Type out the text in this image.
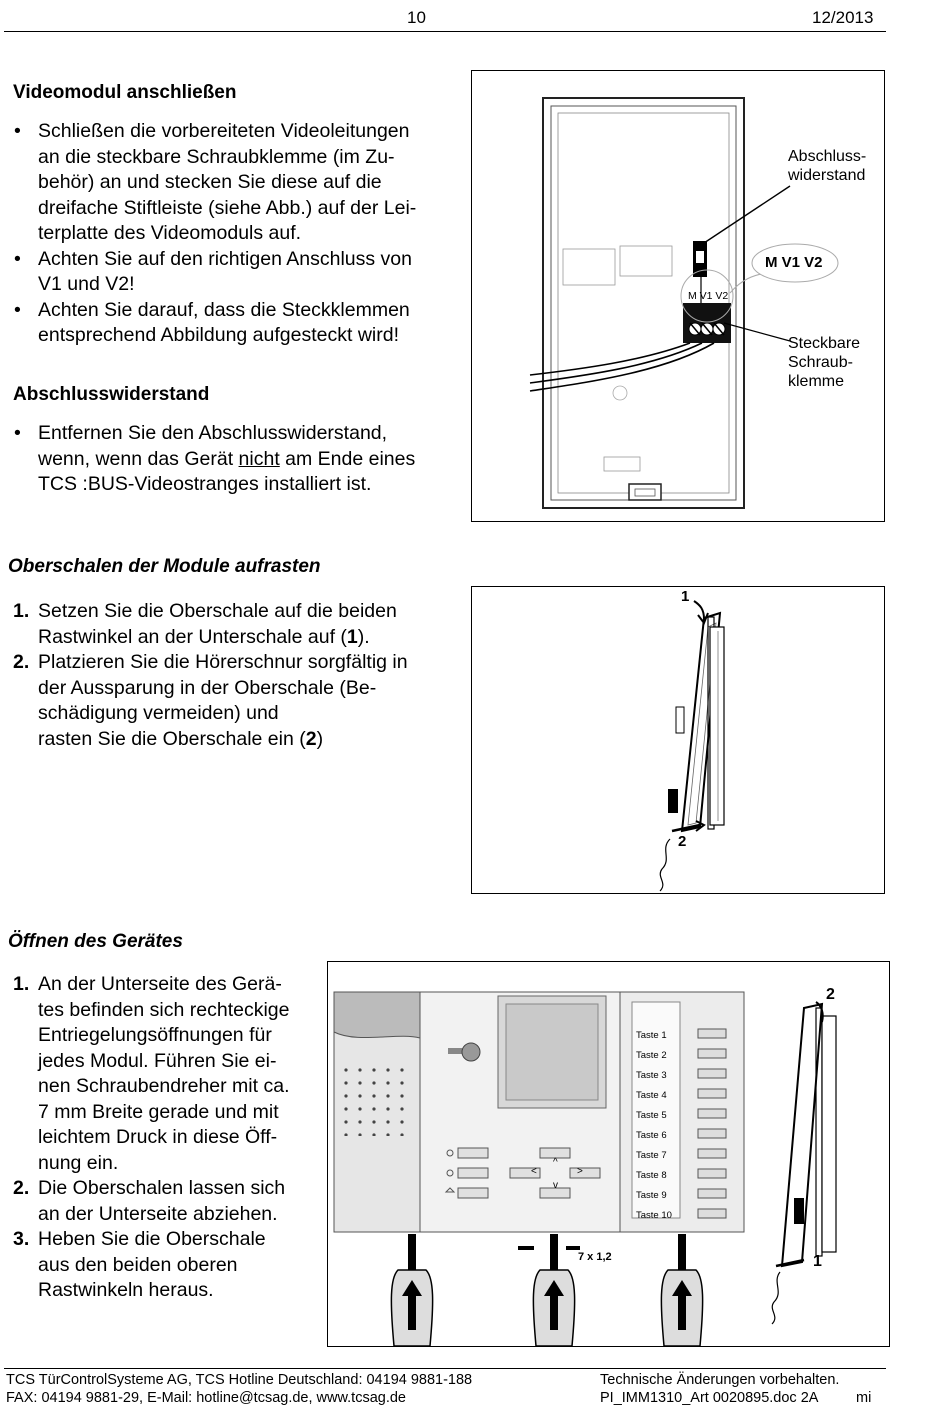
10	12/2013
Videomodul anschließen
• Schließen die vorbereiteten Videoleitungen
an die steckbare Schraubklemme (im Zu-
behör) an und stecken Sie diese auf die
dreifache Stiftleiste (siehe Abb.) auf der Lei-
terplatte des Videomoduls auf.
• Achten Sie auf den richtigen Anschluss von
V1 und V2!
• Achten Sie darauf, dass die Steckklemmen
entsprechend Abbildung aufgesteckt wird!
Abschluss-
widerstand
M V1 V2
M V1 V2
Steckbare
Schraub-
klemme
Abschlusswiderstand
• Entfernen Sie den Abschlusswiderstand,
wenn, wenn das Gerät nicht am Ende eines
TCS :BUS-Videostranges installiert ist.
Oberschalen der Module aufrasten
1. Setzen Sie die Oberschale auf die beiden
Rastwinkel an der Unterschale auf (1).
2. Platzieren Sie die Hörerschnur sorgfältig in
der Aussparung in der Oberschale (Be-
schädigung vermeiden) und
rasten Sie die Oberschale ein (2)
1
2
Öffnen des Gerätes
1. An der Unterseite des Gerä-
tes befinden sich rechteckige
Entriegelungsöffnungen für
jedes Modul. Führen Sie ei-
nen Schraubendreher mit ca.
7 mm Breite gerade und mit
leichtem Druck in diese Öff-
nung ein.
2. Die Oberschalen lassen sich
an der Unterseite abziehen.
3. Heben Sie die Oberschale
aus den beiden oberen
Rastwinkeln heraus.
Taste 1
Taste 2
Taste 3
Taste 4
Taste 5
Taste 6
Taste 7
Taste 8
Taste 9
Taste 10
^
<	>
v
7 x 1,2
2
1
TCS TürControlSysteme AG, TCS Hotline Deutschland: 04194 9881-188
FAX: 04194 9881-29, E-Mail: hotline@tcsag.de, www.tcsag.de
Technische Änderungen vorbehalten.
PI_IMM1310_Art 0020895.doc 2A	mi
